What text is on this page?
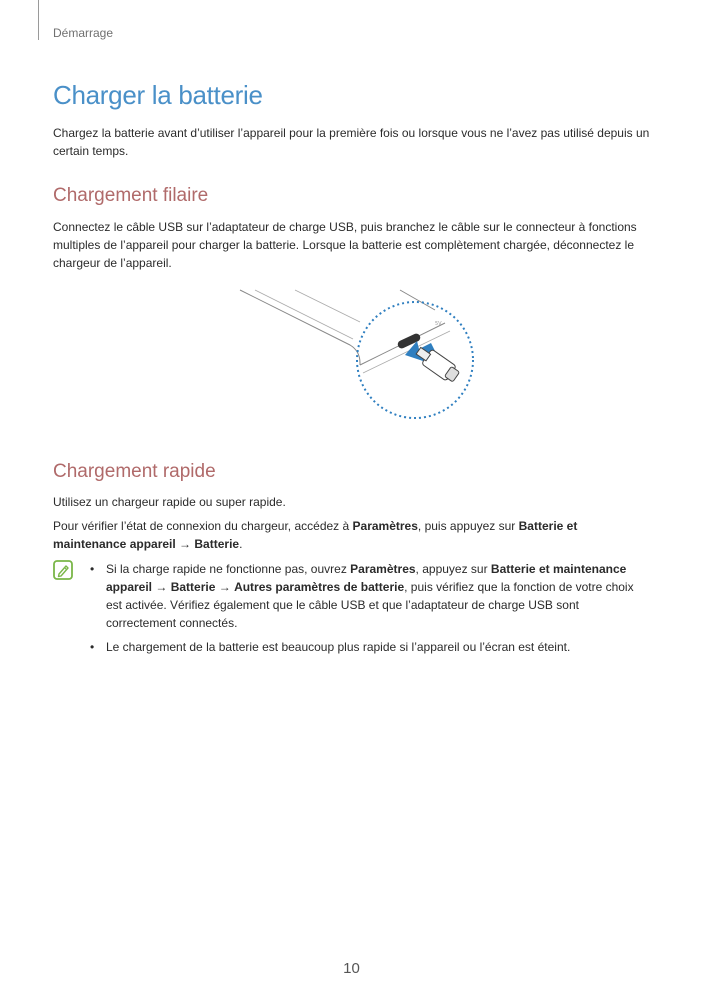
Démarrage
Charger la batterie

Chargez la batterie avant d’utiliser l’appareil pour la première fois ou lorsque vous ne l’avez pas utilisé depuis un certain temps.

Chargement filaire

Connectez le câble USB sur l’adaptateur de charge USB, puis branchez le câble sur le connecteur à fonctions multiples de l’appareil pour charger la batterie. Lorsque la batterie est complètement chargée, déconnectez le chargeur de l’appareil.

5V
Chargement rapide

Utilisez un chargeur rapide ou super rapide.

Pour vérifier l’état de connexion du chargeur, accédez à Paramètres, puis appuyez sur Batterie et maintenance appareil → Batterie.

• Si la charge rapide ne fonctionne pas, ouvrez Paramètres, appuyez sur Batterie et maintenance appareil → Batterie → Autres paramètres de batterie, puis vérifiez que la fonction de votre choix est activée. Vérifiez également que le câble USB et que l’adaptateur de charge USB sont correctement connectés.
• Le chargement de la batterie est beaucoup plus rapide si l’appareil ou l’écran est éteint.
10
